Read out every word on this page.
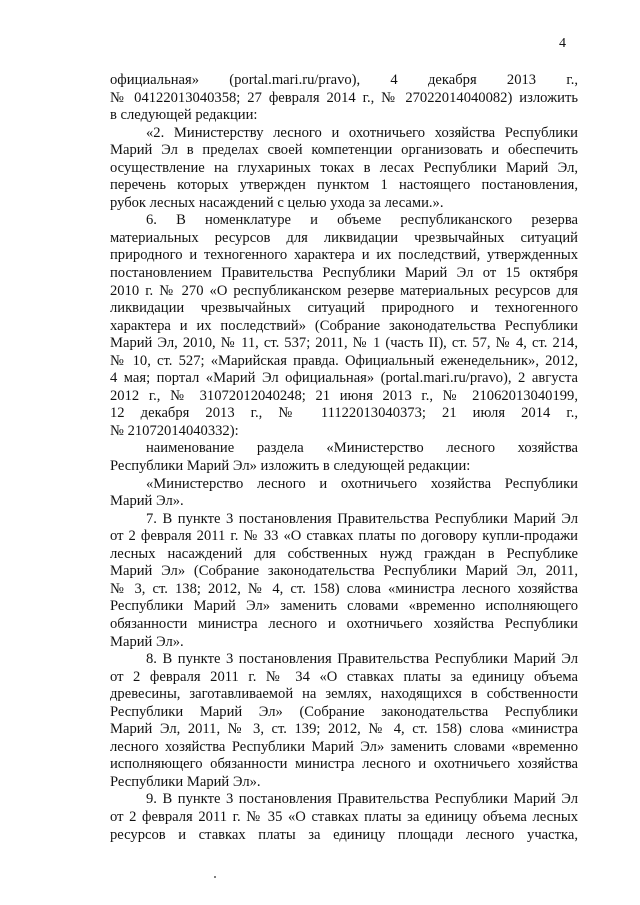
4
официальная» (portal.mari.ru/pravo), 4 декабря 2013 г.,
№ 04122013040358; 27 февраля 2014 г., № 27022014040082) изложить
в следующей редакции:
«2. Министерству лесного и охотничьего хозяйства Республики
Марий Эл в пределах своей компетенции организовать и обеспечить
осуществление на глухариных токах в лесах Республики Марий Эл,
перечень которых утвержден пунктом 1 настоящего постановления,
рубок лесных насаждений с целью ухода за лесами.».
6. В номенклатуре и объеме республиканского резерва
материальных ресурсов для ликвидации чрезвычайных ситуаций
природного и техногенного характера и их последствий, утвержденных
постановлением Правительства Республики Марий Эл от 15 октября
2010 г. № 270 «О республиканском резерве материальных ресурсов для
ликвидации чрезвычайных ситуаций природного и техногенного
характера и их последствий» (Собрание законодательства Республики
Марий Эл, 2010, № 11, ст. 537; 2011, № 1 (часть II), ст. 57, № 4, ст. 214,
№ 10, ст. 527; «Марийская правда. Официальный еженедельник», 2012,
4 мая; портал «Марий Эл официальная» (portal.mari.ru/pravo), 2 августа
2012 г., № 31072012040248; 21 июня 2013 г., № 21062013040199,
12 декабря 2013 г., № 11122013040373; 21 июля 2014 г.,
№ 21072014040332):
наименование раздела «Министерство лесного хозяйства
Республики Марий Эл» изложить в следующей редакции:
«Министерство лесного и охотничьего хозяйства Республики
Марий Эл».
7. В пункте 3 постановления Правительства Республики Марий Эл
от 2 февраля 2011 г. № 33 «О ставках платы по договору купли-продажи
лесных насаждений для собственных нужд граждан в Республике
Марий Эл» (Собрание законодательства Республики Марий Эл, 2011,
№ 3, ст. 138; 2012, № 4, ст. 158) слова «министра лесного хозяйства
Республики Марий Эл» заменить словами «временно исполняющего
обязанности министра лесного и охотничьего хозяйства Республики
Марий Эл».
8. В пункте 3 постановления Правительства Республики Марий Эл
от 2 февраля 2011 г. № 34 «О ставках платы за единицу объема
древесины, заготавливаемой на землях, находящихся в собственности
Республики Марий Эл» (Собрание законодательства Республики
Марий Эл, 2011, № 3, ст. 139; 2012, № 4, ст. 158) слова «министра
лесного хозяйства Республики Марий Эл» заменить словами «временно
исполняющего обязанности министра лесного и охотничьего хозяйства
Республики Марий Эл».
9. В пункте 3 постановления Правительства Республики Марий Эл
от 2 февраля 2011 г. № 35 «О ставках платы за единицу объема лесных
ресурсов и ставках платы за единицу площади лесного участка,
